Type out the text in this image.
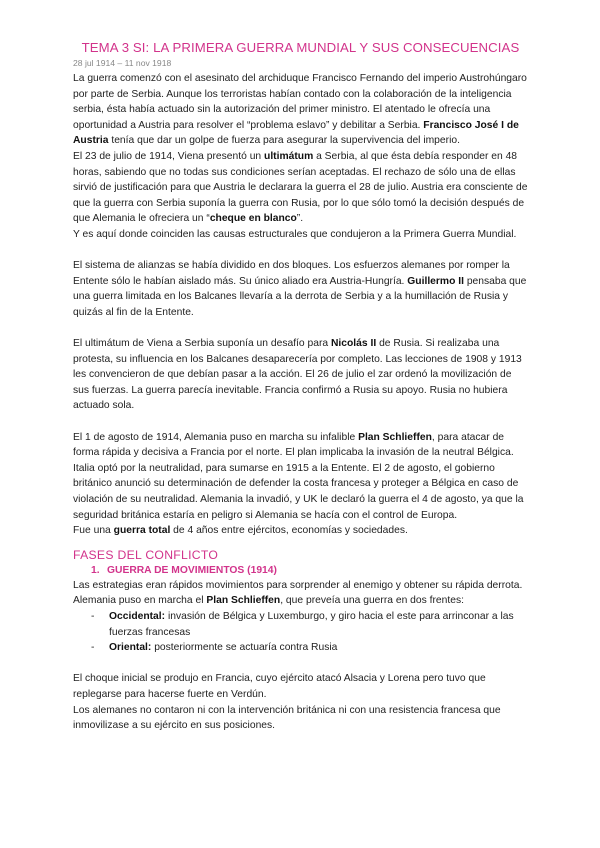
TEMA 3 SI: LA PRIMERA GUERRA MUNDIAL Y SUS CONSECUENCIAS
28 jul 1914 – 11 nov 1918

La guerra comenzó con el asesinato del archiduque Francisco Fernando del imperio Austrohúngaro por parte de Serbia. Aunque los terroristas habían contado con la colaboración de la inteligencia serbia, ésta había actuado sin la autorización del primer ministro. El atentado le ofrecía una oportunidad a Austria para resolver el “problema eslavo” y debilitar a Serbia. Francisco José I de Austria tenía que dar un golpe de fuerza para asegurar la supervivencia del imperio.

El 23 de julio de 1914, Viena presentó un ultimátum a Serbia, al que ésta debía responder en 48 horas, sabiendo que no todas sus condiciones serían aceptadas. El rechazo de sólo una de ellas sirvió de justificación para que Austria le declarara la guerra el 28 de julio. Austria era consciente de que la guerra con Serbia suponía la guerra con Rusia, por lo que sólo tomó la decisión después de que Alemania le ofreciera un “cheque en blanco”.

Y es aquí donde coinciden las causas estructurales que condujeron a la Primera Guerra Mundial.

El sistema de alianzas se había dividido en dos bloques. Los esfuerzos alemanes por romper la Entente sólo le habían aislado más. Su único aliado era Austria-Hungría. Guillermo II pensaba que una guerra limitada en los Balcanes llevaría a la derrota de Serbia y a la humillación de Rusia y quizás al fin de la Entente.

El ultimátum de Viena a Serbia suponía un desafío para Nicolás II de Rusia. Si realizaba una protesta, su influencia en los Balcanes desaparecería por completo. Las lecciones de 1908 y 1913 les convencieron de que debían pasar a la acción. El 26 de julio el zar ordenó la movilización de sus fuerzas. La guerra parecía inevitable. Francia confirmó a Rusia su apoyo. Rusia no hubiera actuado sola.

El 1 de agosto de 1914, Alemania puso en marcha su infalible Plan Schlieffen, para atacar de forma rápida y decisiva a Francia por el norte. El plan implicaba la invasión de la neutral Bélgica.

Italia optó por la neutralidad, para sumarse en 1915 a la Entente. El 2 de agosto, el gobierno británico anunció su determinación de defender la costa francesa y proteger a Bélgica en caso de violación de su neutralidad. Alemania la invadió, y UK le declaró la guerra el 4 de agosto, ya que la seguridad británica estaría en peligro si Alemania se hacía con el control de Europa.

Fue una guerra total de 4 años entre ejércitos, economías y sociedades.

FASES DEL CONFLICTO
1. GUERRA DE MOVIMIENTOS (1914)

Las estrategias eran rápidos movimientos para sorprender al enemigo y obtener su rápida derrota.

Alemania puso en marcha el Plan Schlieffen, que preveía una guerra en dos frentes:

- Occidental: invasión de Bélgica y Luxemburgo, y giro hacia el este para arrinconar a las fuerzas francesas
- Oriental: posteriormente se actuaría contra Rusia

El choque inicial se produjo en Francia, cuyo ejército atacó Alsacia y Lorena pero tuvo que replegarse para hacerse fuerte en Verdún.

Los alemanes no contaron ni con la intervención británica ni con una resistencia francesa que inmovilizase a su ejército en sus posiciones.
